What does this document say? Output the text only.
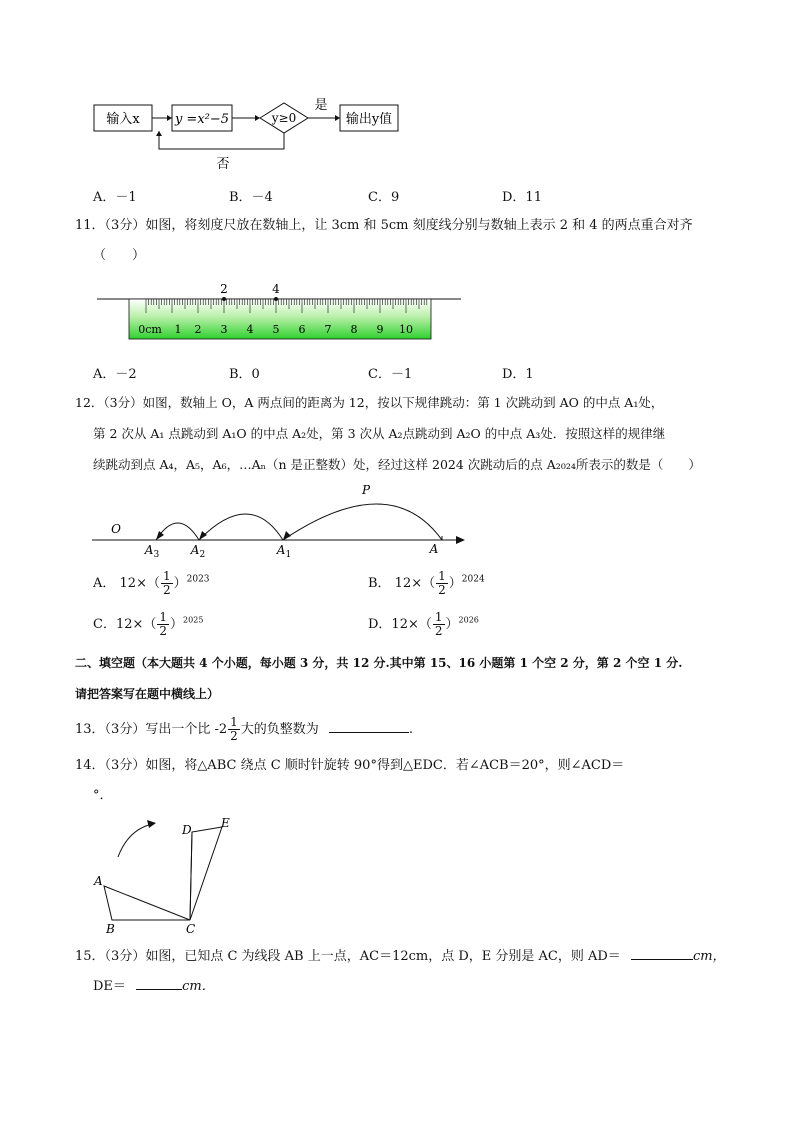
输入x	y =x²−5	y≥0
是
输出y值
否
A．－1	B．－4	C．9	D．11
11．（3分）如图，将刻度尺放在数轴上，让 3cm 和 5cm 刻度线分别与数轴上表示 2 和 4 的两点重合对齐
（　　）
0cm 1 2 3 4 5 6 7 8 9 10
2	4
A．－2	B．0	C．－1	D．1
12．（3分）如图，数轴上 O，A 两点间的距离为 12，按以下规律跳动：第 1 次跳动到 AO 的中点 A₁处，
第 2 次从 A₁ 点跳动到 A₁O 的中点 A₂处，第 3 次从 A₂点跳动到 A₂O 的中点 A₃处．按照这样的规律继
续跳动到点 A₄，A₅，A₆，…Aₙ（n 是正整数）处，经过这样 2024 次跳动后的点 A₂₀₂₄所表示的数是（　　）
O
P
$A_3$	$A_2$	$A_1$	A
A． $12\times( \frac{1}{2} )^{2023}$	B． $12\times( \frac{1}{2} )^{2024}$
C．$12\times( \frac{1}{2} )^{2025}$	D．$12\times( \frac{1}{2} )^{2026}$
二、填空题（本大题共 4 个小题，每小题 3 分，共 12 分.其中第 15、16 小题第 1 个空 2 分，第 2 个空 1 分.
请把答案写在题中横线上）
13．（3分）写出一个比 $-2 \frac{1}{2}$ 大的负整数为	.
14．（3分）如图，将△ABC 绕点 C 顺时针旋转 90°得到△EDC．若∠ACB＝20°，则∠ACD＝
°．
A
B	C
D E
15．（3分）如图，已知点 C 为线段 AB 上一点，AC＝12cm，点 D，E 分别是 AC，则 AD＝	cm，
DE＝	cm．
